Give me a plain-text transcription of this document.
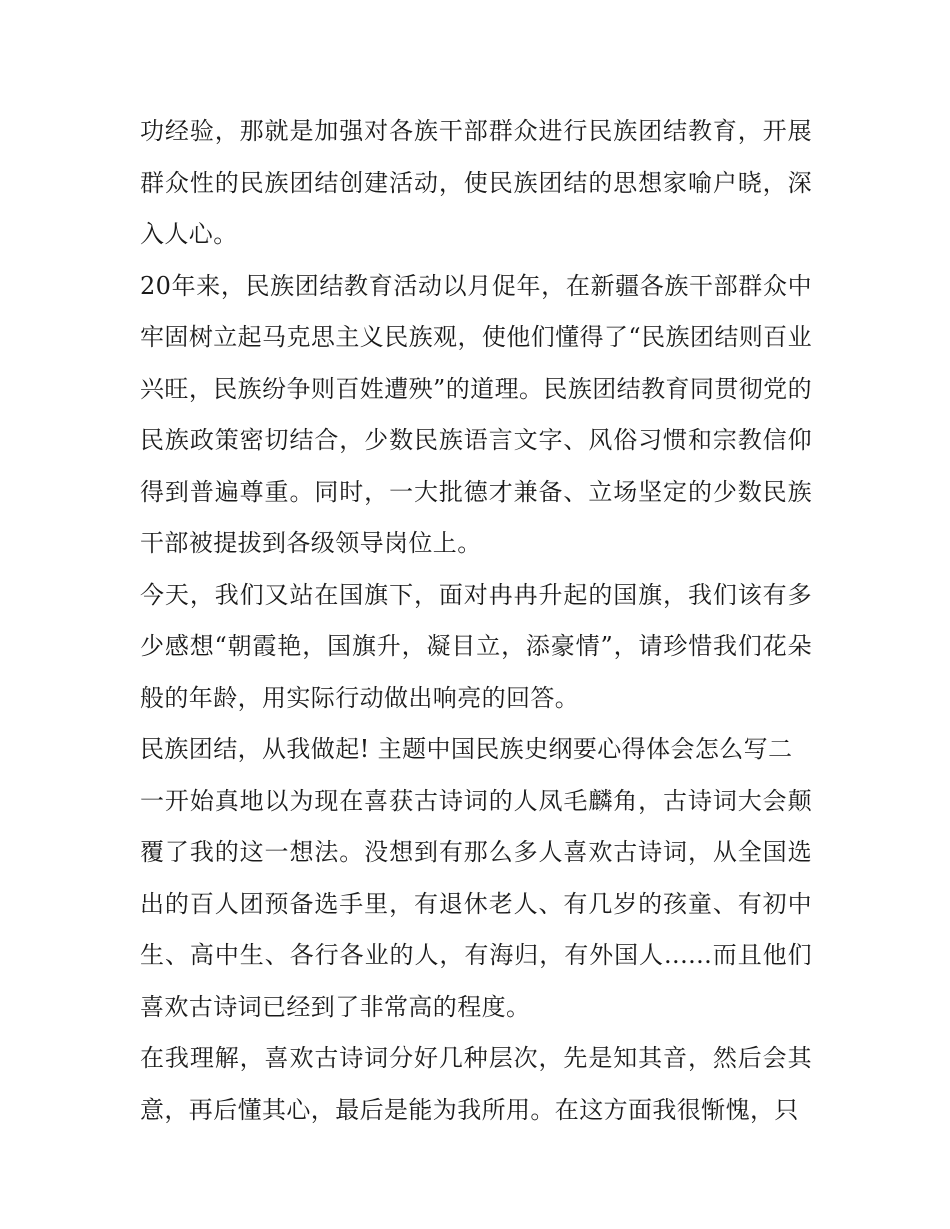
功经验，那就是加强对各族干部群众进行民族团结教育，开展群众性的民族团结创建活动，使民族团结的思想家喻户晓，深入人心。

20年来，民族团结教育活动以月促年，在新疆各族干部群众中牢固树立起马克思主义民族观，使他们懂得了“民族团结则百业兴旺，民族纷争则百姓遭殃”的道理。民族团结教育同贯彻党的民族政策密切结合，少数民族语言文字、风俗习惯和宗教信仰得到普遍尊重。同时，一大批德才兼备、立场坚定的少数民族干部被提拔到各级领导岗位上。

今天，我们又站在国旗下，面对冉冉升起的国旗，我们该有多少感想“朝霞艳，国旗升，凝目立，添豪情”，请珍惜我们花朵般的年龄，用实际行动做出响亮的回答。

民族团结，从我做起! 主题中国民族史纲要心得体会怎么写二

一开始真地以为现在喜获古诗词的人凤毛麟角，古诗词大会颠覆了我的这一想法。没想到有那么多人喜欢古诗词，从全国选出的百人团预备选手里，有退休老人、有几岁的孩童、有初中生、高中生、各行各业的人，有海归，有外国人......而且他们喜欢古诗词已经到了非常高的程度。

在我理解，喜欢古诗词分好几种层次，先是知其音，然后会其意，再后懂其心，最后是能为我所用。在这方面我很惭愧，只
